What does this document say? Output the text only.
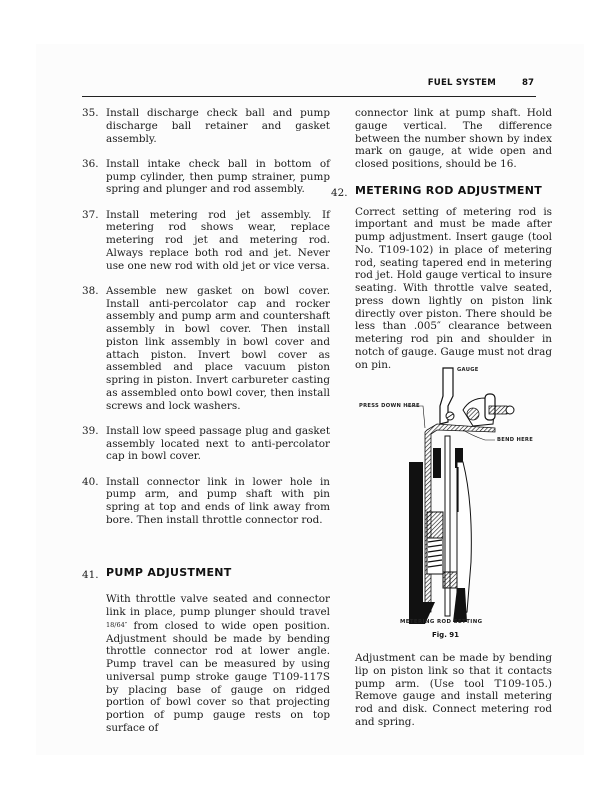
FUEL SYSTEM	87
35. Install discharge check ball and pump discharge ball retainer and gasket assembly.
36. Install intake check ball in bottom of pump cylinder, then pump strainer, pump spring and plunger and rod assembly.
37. Install metering rod jet assembly. If metering rod shows wear, replace metering rod jet and metering rod. Always replace both rod and jet. Never use one new rod with old jet or vice versa.
38. Assemble new gasket on bowl cover. Install anti-percolator cap and rocker assembly and pump arm and countershaft assembly in bowl cover. Then install piston link assembly in bowl cover and attach piston. Invert bowl cover as assembled and place vacuum piston spring in piston. Invert carbureter casting as assembled onto bowl cover, then install screws and lock washers.
39. Install low speed passage plug and gasket assembly located next to anti-percolator cap in bowl cover.
40. Install connector link in lower hole in pump arm, and pump shaft with pin spring at top and ends of link away from bore. Then install throttle connector rod.
41. PUMP ADJUSTMENT
With throttle valve seated and connector link in place, pump plunger should travel 18/64″ from closed to wide open position. Adjustment should be made by bending throttle connector rod at lower angle. Pump travel can be measured by using universal pump stroke gauge T109-117S by placing base of gauge on ridged portion of bowl cover so that projecting portion of pump gauge rests on top surface of
connector link at pump shaft. Hold gauge vertical. The difference between the number shown by index mark on gauge, at wide open and closed positions, should be 16.
42. METERING ROD ADJUSTMENT
Correct setting of metering rod is important and must be made after pump adjustment. Insert gauge (tool No. T109-102) in place of metering rod, seating tapered end in metering rod jet. Hold gauge vertical to insure seating. With throttle valve seated, press down lightly on piston link directly over piston. There should be less than .005″ clearance between metering rod pin and shoulder in notch of gauge. Gauge must not drag on pin.	GAUGE
PRESS DOWN HERE
BEND HERE
METERING ROD SETTING
Fig. 91
Adjustment can be made by bending lip on piston link so that it contacts pump arm. (Use tool T109-105.) Remove gauge and install metering rod and disk. Connect metering rod and spring.
